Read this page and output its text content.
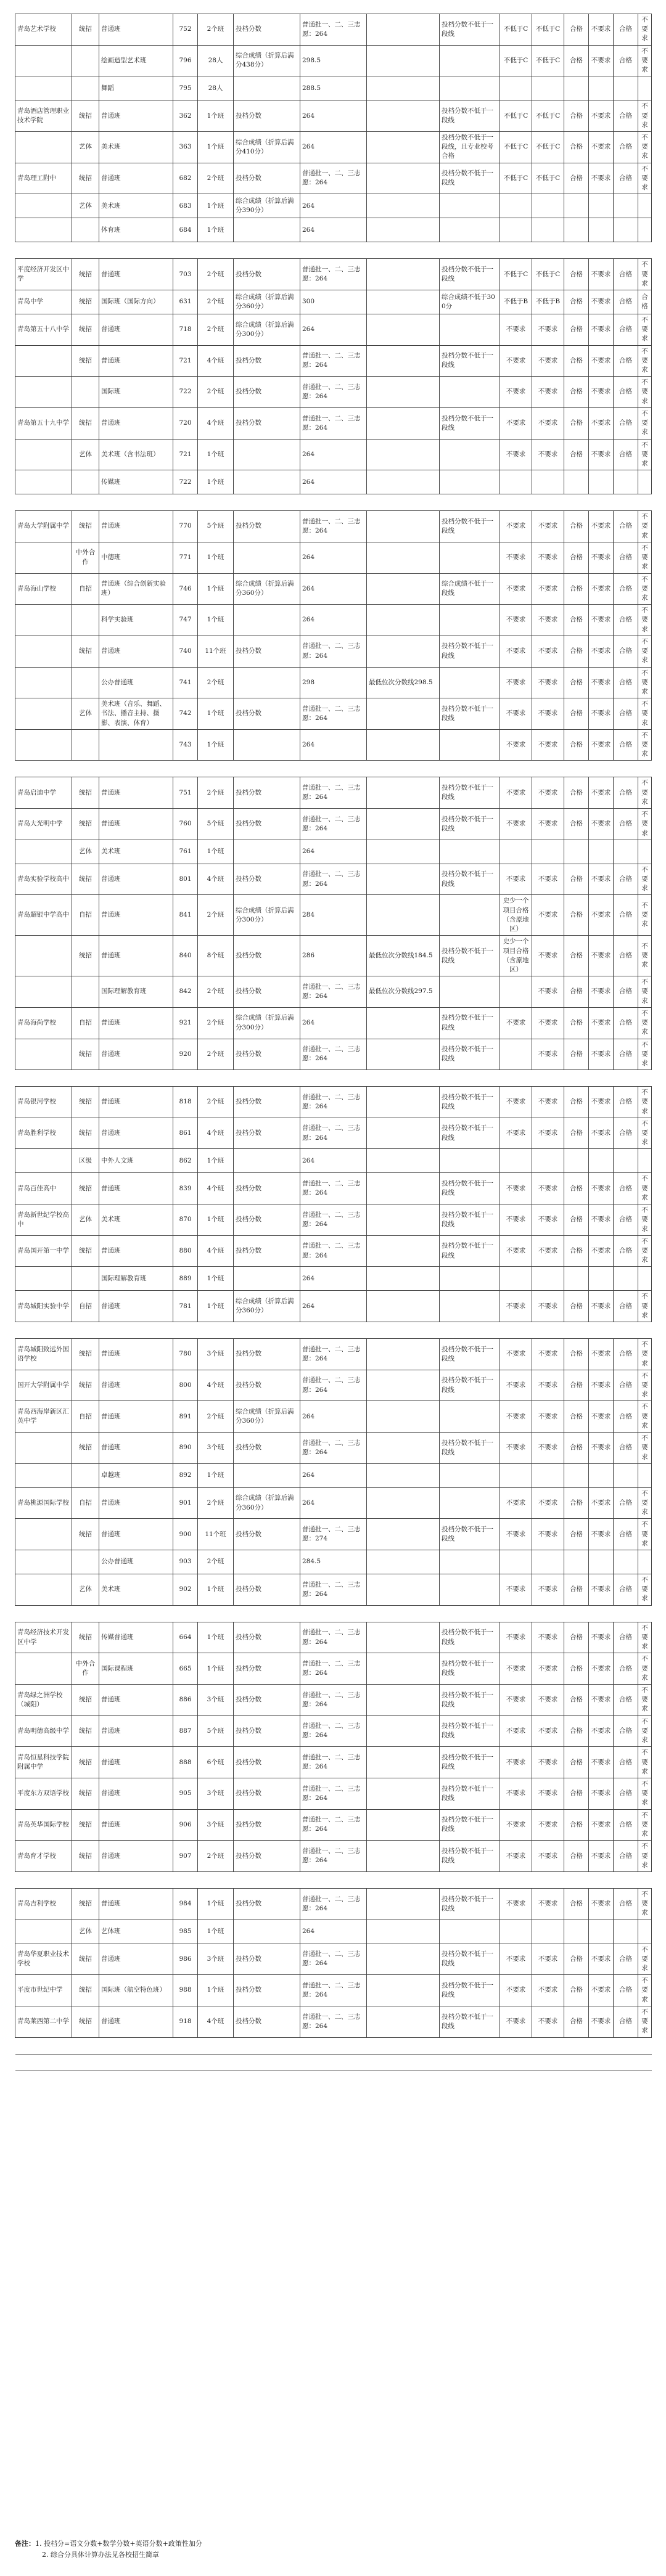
青岛艺术学校	统招	普通班	752	2个班	投档分数	普通批一、二、三志愿：264		投档分数不低于一段线	不低于C	不低于C	合格	不要求	合格	不要求
		绘画造型艺术班	796	28人	综合成绩（折算后满分438分）	298.5			不低于C	不低于C	合格	不要求	合格	不要求
		舞蹈	795	28人		288.5								
青岛酒店管理职业技术学院	统招	普通班	362	1个班	投档分数	264		投档分数不低于一段线	不低于C	不低于C	合格	不要求	合格	不要求
	艺体	美术班	363	1个班	综合成绩（折算后满分410分）	264		投档分数不低于一段线，且专业校考合格	不低于C	不低于C	合格	不要求	合格	不要求
青岛理工附中	统招	普通班	682	2个班	投档分数	普通批一、二、三志愿：264		投档分数不低于一段线	不低于C	不低于C	合格	不要求	合格	不要求
	艺体	美术班	683	1个班	综合成绩（折算后满分390分）	264								
		体育班	684	1个班		264								

平度经济开发区中学	统招	普通班	703	2个班	投档分数	普通批一、二、三志愿：264		投档分数不低于一段线	不低于C	不低于C	合格	不要求	合格	不要求
青岛中学	统招	国际班（国际方向）	631	2个班	综合成绩（折算后满分360分）	300		综合成绩不低于300分	不低于B	不低于B	合格	不要求	合格	合格
青岛第五十八中学	统招	普通班	718	2个班	综合成绩（折算后满分300分）	264			不要求	不要求	合格	不要求	合格	不要求
	统招	普通班	721	4个班	投档分数	普通批一、二、三志愿：264		投档分数不低于一段线	不要求	不要求	合格	不要求	合格	不要求
		国际班	722	2个班	投档分数	普通批一、二、三志愿：264			不要求	不要求	合格	不要求	合格	不要求
青岛第五十九中学	统招	普通班	720	4个班	投档分数	普通批一、二、三志愿：264		投档分数不低于一段线	不要求	不要求	合格	不要求	合格	不要求
	艺体	美术班（含书法班）	721	1个班		264			不要求	不要求	合格	不要求	合格	不要求
		传媒班	722	1个班		264								

青岛大学附属中学	统招	普通班	770	5个班	投档分数	普通批一、二、三志愿：264		投档分数不低于一段线	不要求	不要求	合格	不要求	合格	不要求
	中外合作	中德班	771	1个班		264			不要求	不要求	合格	不要求	合格	不要求
青岛海山学校	自招	普通班（综合创新实验班）	746	1个班	综合成绩（折算后满分360分）	264		综合成绩不低于一段线	不要求	不要求	合格	不要求	合格	不要求
		科学实验班	747	1个班		264			不要求	不要求	合格	不要求	合格	不要求
	统招	普通班	740	11个班	投档分数	普通批一、二、三志愿：264		投档分数不低于一段线	不要求	不要求	合格	不要求	合格	不要求
		公办普通班	741	2个班		298	最低位次分数线298.5		不要求	不要求	合格	不要求	合格	不要求
	艺体	美术班（音乐、舞蹈、书法、播音主持、摄影、表演、体育）	742	1个班	投档分数	普通批一、二、三志愿：264		投档分数不低于一段线	不要求	不要求	合格	不要求	合格	不要求
			743	1个班		264			不要求	不要求	合格	不要求	合格	不要求

青岛启迪中学	统招	普通班	751	2个班	投档分数	普通批一、二、三志愿：264		投档分数不低于一段线	不要求	不要求	合格	不要求	合格	不要求
青岛大光明中学	统招	普通班	760	5个班	投档分数	普通批一、二、三志愿：264		投档分数不低于一段线	不要求	不要求	合格	不要求	合格	不要求
	艺体	美术班	761	1个班		264								
青岛实验学校高中	统招	普通班	801	4个班	投档分数	普通批一、二、三志愿：264		投档分数不低于一段线	不要求	不要求	合格	不要求	合格	不要求
青岛超银中学高中	自招	普通班	841	2个班	综合成绩（折算后满分300分）	284			史少一个项目合格（含原地区）	不要求	合格	不要求	合格	不要求
	统招	普通班	840	8个班	投档分数	286	最低位次分数线184.5	投档分数不低于一段线	史少一个项目合格（含原地区）	不要求	合格	不要求	合格	不要求
		国际理解教育班	842	2个班	投档分数	普通批一、二、三志愿：264	最低位次分数线297.5			不要求	合格	不要求	合格	不要求
青岛海尚学校	自招	普通班	921	2个班	综合成绩（折算后满分300分）	264		投档分数不低于一段线	不要求	不要求	合格	不要求	合格	不要求
	统招	普通班	920	2个班	投档分数	普通批一、二、三志愿：264		投档分数不低于一段线		不要求	合格	不要求	合格	不要求

青岛银河学校	统招	普通班	818	2个班	投档分数	普通批一、二、三志愿：264		投档分数不低于一段线	不要求	不要求	合格	不要求	合格	不要求
青岛胜利学校	统招	普通班	861	4个班	投档分数	普通批一、二、三志愿：264		投档分数不低于一段线	不要求	不要求	合格	不要求	合格	不要求
	区级	中外人文班	862	1个班		264								
青岛百佳高中	统招	普通班	839	4个班	投档分数	普通批一、二、三志愿：264		投档分数不低于一段线	不要求	不要求	合格	不要求	合格	不要求
青岛新世纪学校高中	艺体	美术班	870	1个班	投档分数	普通批一、二、三志愿：264		投档分数不低于一段线	不要求	不要求	合格	不要求	合格	不要求
青岛国开第一中学	统招	普通班	880	4个班	投档分数	普通批一、二、三志愿：264		投档分数不低于一段线	不要求	不要求	合格	不要求	合格	不要求
		国际理解教育班	889	1个班		264								
青岛城阳实验中学	自招	普通班	781	1个班	综合成绩（折算后满分360分）	264			不要求	不要求	合格	不要求	合格	不要求

青岛城阳致远外国语学校	统招	普通班	780	3个班	投档分数	普通批一、二、三志愿：264		投档分数不低于一段线	不要求	不要求	合格	不要求	合格	不要求
国开大学附属中学	统招	普通班	800	4个班	投档分数	普通批一、二、三志愿：264		投档分数不低于一段线	不要求	不要求	合格	不要求	合格	不要求
青岛西海岸新区汇英中学	自招	普通班	891	2个班	综合成绩（折算后满分360分）	264			不要求	不要求	合格	不要求	合格	不要求
	统招	普通班	890	3个班	投档分数	普通批一、二、三志愿：264		投档分数不低于一段线	不要求	不要求	合格	不要求	合格	不要求
		卓越班	892	1个班		264								
青岛桃源国际学校	自招	普通班	901	2个班	综合成绩（折算后满分360分）	264			不要求	不要求	合格	不要求	合格	不要求
	统招	普通班	900	11个班	投档分数	普通批一、二、三志愿：274		投档分数不低于一段线	不要求	不要求	合格	不要求	合格	不要求
		公办普通班	903	2个班		284.5								
	艺体	美术班	902	1个班	投档分数	普通批一、二、三志愿：264			不要求	不要求	合格	不要求	合格	不要求

青岛经济技术开发区中学	统招	传媒普通班	664	1个班	投档分数	普通批一、二、三志愿：264		投档分数不低于一段线	不要求	不要求	合格	不要求	合格	不要求
	中外合作	国际课程班	665	1个班	投档分数	普通批一、二、三志愿：264		投档分数不低于一段线	不要求	不要求	合格	不要求	合格	不要求
青岛绿之洲学校（城阳）	统招	普通班	886	3个班	投档分数	普通批一、二、三志愿：264		投档分数不低于一段线	不要求	不要求	合格	不要求	合格	不要求
青岛明德高级中学	统招	普通班	887	5个班	投档分数	普通批一、二、三志愿：264		投档分数不低于一段线	不要求	不要求	合格	不要求	合格	不要求
青岛恒星科技学院附属中学	统招	普通班	888	6个班	投档分数	普通批一、二、三志愿：264		投档分数不低于一段线	不要求	不要求	合格	不要求	合格	不要求
平度东方双语学校	统招	普通班	905	3个班	投档分数	普通批一、二、三志愿：264		投档分数不低于一段线	不要求	不要求	合格	不要求	合格	不要求
青岛英华国际学校	统招	普通班	906	3个班	投档分数	普通批一、二、三志愿：264		投档分数不低于一段线	不要求	不要求	合格	不要求	合格	不要求
青岛育才学校	统招	普通班	907	2个班	投档分数	普通批一、二、三志愿：264		投档分数不低于一段线	不要求	不要求	合格	不要求	合格	不要求

青岛吉利学校	统招	普通班	984	1个班	投档分数	普通批一、二、三志愿：264		投档分数不低于一段线	不要求	不要求	合格	不要求	合格	不要求
	艺体	艺体班	985	1个班		264								
青岛华夏职业技术学校	统招	普通班	986	3个班	投档分数	普通批一、二、三志愿：264		投档分数不低于一段线	不要求	不要求	合格	不要求	合格	不要求
平度市世纪中学	统招	国际班（航空特色班）	988	1个班	投档分数	普通批一、二、三志愿：264		投档分数不低于一段线	不要求	不要求	合格	不要求	合格	不要求
青岛莱西第二中学	统招	普通班	918	4个班	投档分数	普通批一、二、三志愿：264		投档分数不低于一段线	不要求	不要求	合格	不要求	合格	不要求

备注：1. 投档分=语文分数+数学分数+英语分数+政策性加分
2. 综合分具体计算办法见各校招生简章
